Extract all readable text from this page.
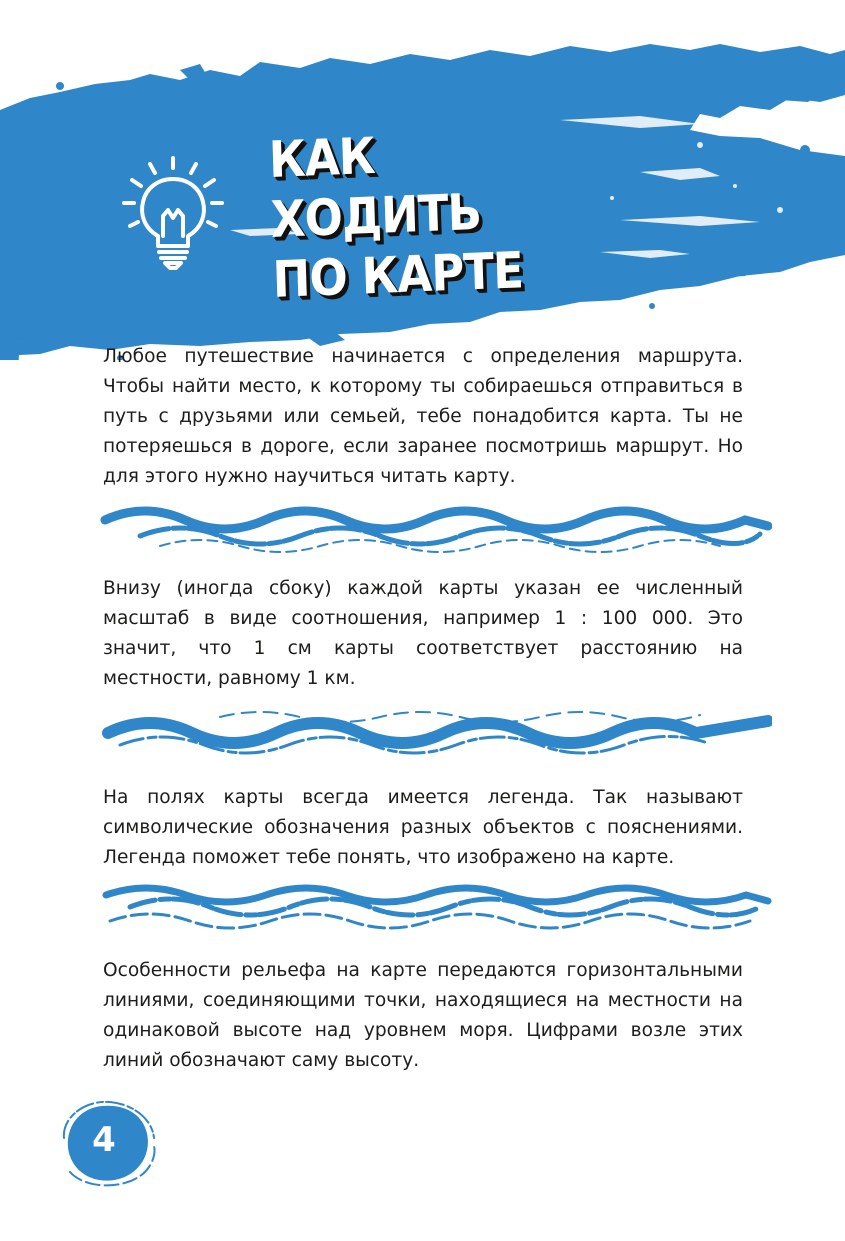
КАК ХОДИТЬ
ПО КАРТЕ

Любое путешествие начинается с определения маршрута. Чтобы найти место, к которому ты собираешься отправиться в путь с друзьями или семьей, тебе понадобится карта. Ты не потеряешься в дороге, если заранее посмотришь маршрут. Но для этого нужно научиться читать карту.

Внизу (иногда сбоку) каждой карты указан ее численный масштаб в виде соотношения, например 1 : 100 000. Это значит, что 1 см карты соответствует расстоянию на местности, равному 1 км.

На полях карты всегда имеется легенда. Так называют символические обозначения разных объектов с пояснениями. Легенда поможет тебе понять, что изображено на карте.

Особенности рельефа на карте передаются горизонтальными линиями, соединяющими точки, находящиеся на местности на одинаковой высоте над уровнем моря. Цифрами возле этих линий обозначают саму высоту.

4
